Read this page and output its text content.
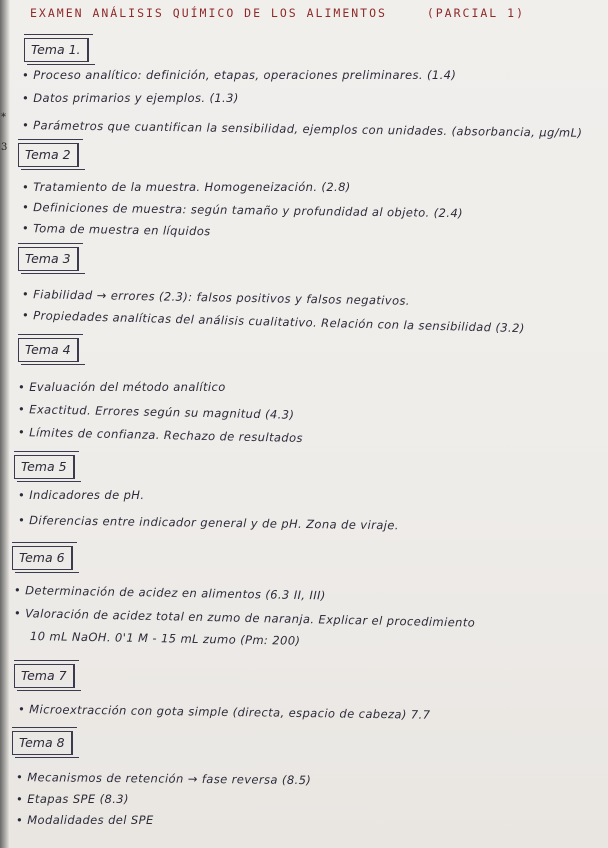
*
3
EXAMEN ANÁLISIS QUÍMICO DE LOS ALIMENTOS	(PARCIAL 1)
Tema 1.

• Proceso analítico: definición, etapas, operaciones preliminares. (1.4)

• Datos primarios y ejemplos. (1.3)

• Parámetros que cuantifican la sensibilidad, ejemplos con unidades. (absorbancia, μg/mL)

Tema 2

• Tratamiento de la muestra. Homogeneización. (2.8)

• Definiciones de muestra: según tamaño y profundidad al objeto. (2.4)

• Toma de muestra en líquidos

Tema 3

• Fiabilidad → errores (2.3): falsos positivos y falsos negativos.

• Propiedades analíticas del análisis cualitativo. Relación con la sensibilidad (3.2)

Tema 4

• Evaluación del método analítico

• Exactitud. Errores según su magnitud (4.3)

• Límites de confianza. Rechazo de resultados

Tema 5

• Indicadores de pH.

• Diferencias entre indicador general y de pH. Zona de viraje.

Tema 6

• Determinación de acidez en alimentos (6.3 II, III)

• Valoración de acidez total en zumo de naranja. Explicar el procedimiento

10 mL NaOH. 0'1 M - 15 mL zumo (Pm: 200)

Tema 7

• Microextracción con gota simple (directa, espacio de cabeza) 7.7

Tema 8

• Mecanismos de retención → fase reversa (8.5)

• Etapas SPE (8.3)

• Modalidades del SPE
